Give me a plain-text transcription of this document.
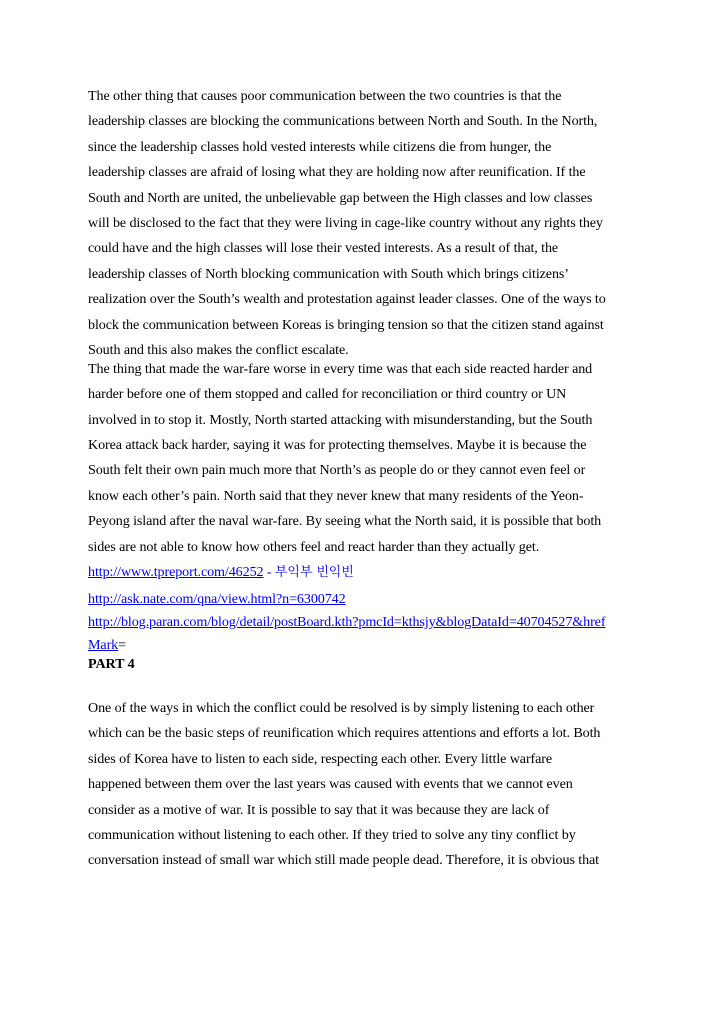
The other thing that causes poor communication between the two countries is that the
leadership classes are blocking the communications between North and South. In the North,
since the leadership classes hold vested interests while citizens die from hunger, the
leadership classes are afraid of losing what they are holding now after reunification. If the
South and North are united, the unbelievable gap between the High classes and low classes
will be disclosed to the fact that they were living in cage-like country without any rights they
could have and the high classes will lose their vested interests. As a result of that, the
leadership classes of North blocking communication with South which brings citizens’
realization over the South’s wealth and protestation against leader classes. One of the ways to
block the communication between Koreas is bringing tension so that the citizen stand against
South and this also makes the conflict escalate.
The thing that made the war-fare worse in every time was that each side reacted harder and
harder before one of them stopped and called for reconciliation or third country or UN
involved in to stop it. Mostly, North started attacking with misunderstanding, but the South
Korea attack back harder, saying it was for protecting themselves. Maybe it is because the
South felt their own pain much more that North’s as people do or they cannot even feel or
know each other’s pain. North said that they never knew that many residents of the Yeon-
Peyong island after the naval war-fare. By seeing what the North said, it is possible that both
sides are not able to know how others feel and react harder than they actually get.
http://www.tpreport.com/46252 - 부익부 빈익빈
http://ask.nate.com/qna/view.html?n=6300742
http://blog.paran.com/blog/detail/postBoard.kth?pmcId=kthsjy&blogDataId=40704527&href
Mark=
PART 4
One of the ways in which the conflict could be resolved is by simply listening to each other
which can be the basic steps of reunification which requires attentions and efforts a lot. Both
sides of Korea have to listen to each side, respecting each other. Every little warfare
happened between them over the last years was caused with events that we cannot even
consider as a motive of war. It is possible to say that it was because they are lack of
communication without listening to each other. If they tried to solve any tiny conflict by
conversation instead of small war which still made people dead. Therefore, it is obvious that
